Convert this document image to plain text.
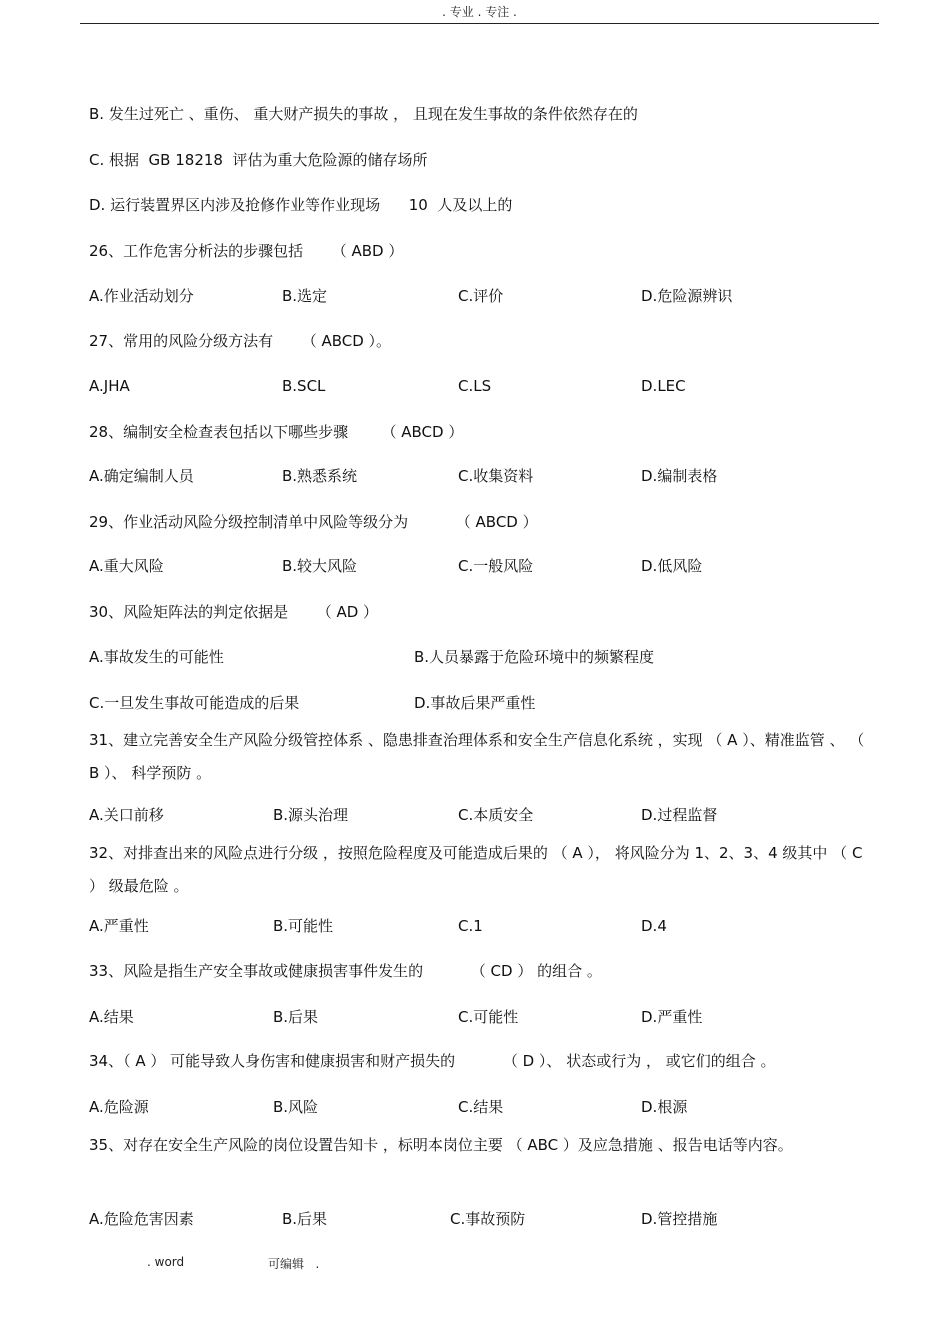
. 专业 . 专注 .
B. 发生过死亡 、重伤、 重大财产损失的事故 ， 且现在发生事故的条件依然存在的
C. 根据  GB 18218  评估为重大危险源的储存场所
D. 运行装置界区内涉及抢修作业等作业现场      10  人及以上的
26、工作危害分析法的步骤包括      （ ABD ）
A.作业活动划分	B.选定	C.评价	D.危险源辨识
27、常用的风险分级方法有      （ ABCD ）。
A.JHA	B.SCL	C.LS	D.LEC
28、编制安全检查表包括以下哪些步骤       （ ABCD ）
A.确定编制人员	B.熟悉系统	C.收集资料	D.编制表格
29、作业活动风险分级控制清单中风险等级分为          （ ABCD ）
A.重大风险	B.较大风险	C.一般风险	D.低风险
30、风险矩阵法的判定依据是      （ AD ）
A.事故发生的可能性	B.人员暴露于危险环境中的频繁程度
C.一旦发生事故可能造成的后果	D.事故后果严重性
31、建立完善安全生产风险分级管控体系 、隐患排查治理体系和安全生产信息化系统 ，实现 （ A ）、精准监管 、 （ B ）、 科学预防 。
A.关口前移	B.源头治理	C.本质安全	D.过程监督
32、对排查出来的风险点进行分级 ，按照危险程度及可能造成后果的 （ A ）， 将风险分为 1、2、3、4 级其中 （ C ） 级最危险 。
A.严重性	B.可能性	C.1	D.4
33、风险是指生产安全事故或健康损害事件发生的          （ CD ） 的组合 。
A.结果	B.后果	C.可能性	D.严重性
34、（ A ） 可能导致人身伤害和健康损害和财产损失的          （ D ）、 状态或行为 ， 或它们的组合 。
A.危险源	B.风险	C.结果	D.根源
35、对存在安全生产风险的岗位设置告知卡 ，标明本岗位主要 （ ABC ）及应急措施 、报告电话等内容。
A.危险危害因素	B.后果	C.事故预防	D.管控措施
. word	可编辑   .
